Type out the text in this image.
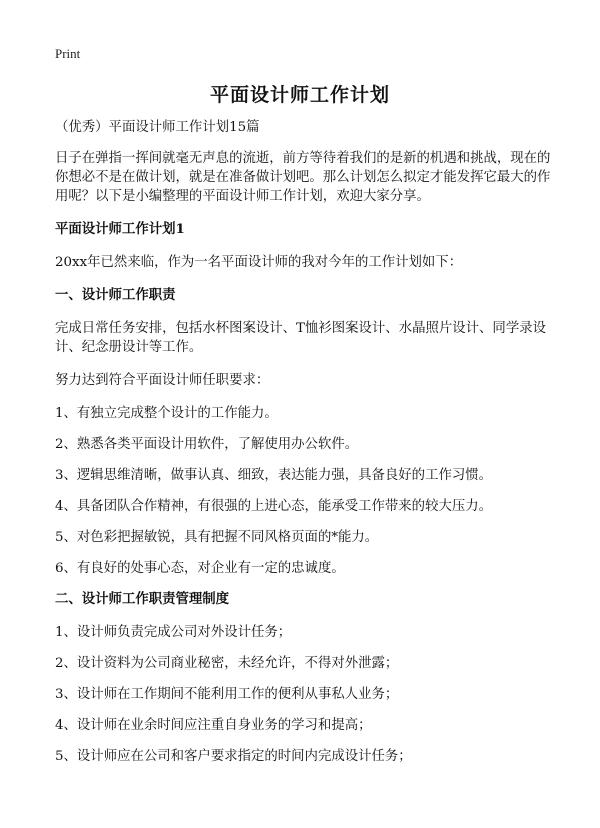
Print
平面设计师工作计划

（优秀）平面设计师工作计划15篇

日子在弹指一挥间就毫无声息的流逝，前方等待着我们的是新的机遇和挑战，现在的你想必不是在做计划，就是在准备做计划吧。那么计划怎么拟定才能发挥它最大的作用呢？以下是小编整理的平面设计师工作计划，欢迎大家分享。

平面设计师工作计划1

20xx年已然来临，作为一名平面设计师的我对今年的工作计划如下：

一、设计师工作职责

完成日常任务安排，包括水杯图案设计、T恤衫图案设计、水晶照片设计、同学录设计、纪念册设计等工作。

努力达到符合平面设计师任职要求：

1、有独立完成整个设计的工作能力。

2、熟悉各类平面设计用软件，了解使用办公软件。

3、逻辑思维清晰，做事认真、细致，表达能力强，具备良好的工作习惯。

4、具备团队合作精神，有很强的上进心态，能承受工作带来的较大压力。

5、对色彩把握敏锐，具有把握不同风格页面的*能力。

6、有良好的处事心态，对企业有一定的忠诚度。

二、设计师工作职责管理制度

1、设计师负责完成公司对外设计任务；

2、设计资料为公司商业秘密，未经允许，不得对外泄露；

3、设计师在工作期间不能利用工作的便利从事私人业务；

4、设计师在业余时间应注重自身业务的学习和提高；

5、设计师应在公司和客户要求指定的时间内完成设计任务；
